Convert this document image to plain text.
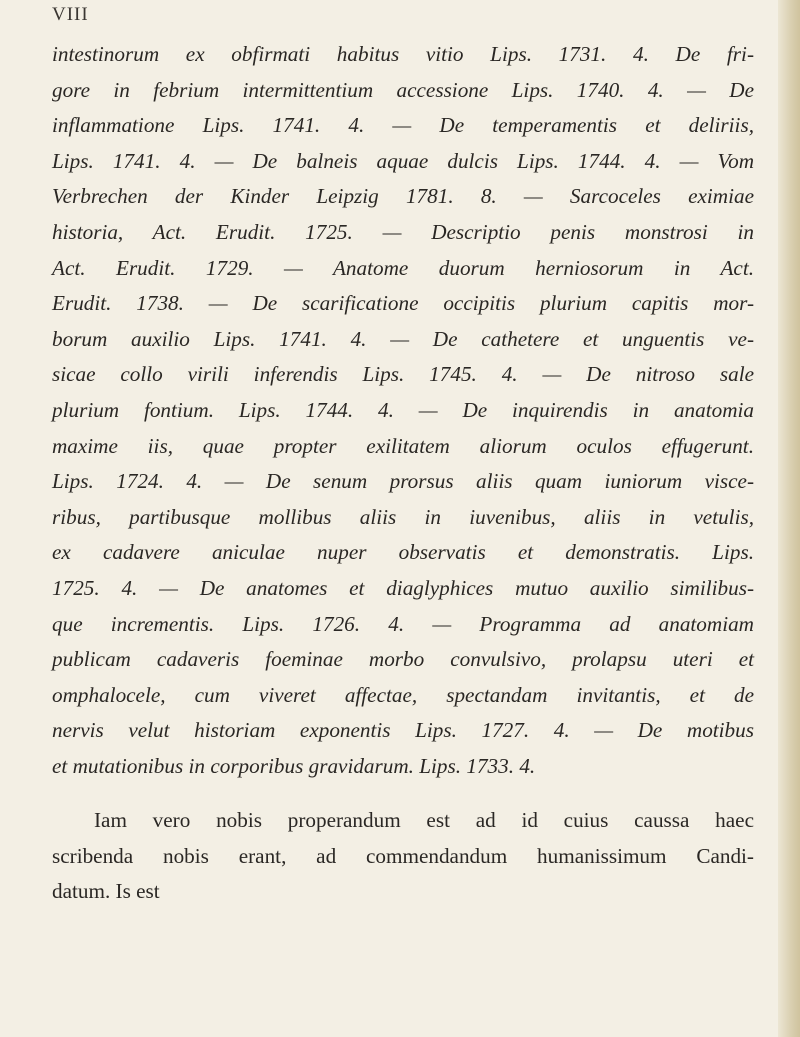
VIII
intestinorum ex obfirmati habitus vitio Lips. 1731. 4. De fri-
gore in febrium intermittentium accessione Lips. 1740. 4. — De
inflammatione Lips. 1741. 4. — De temperamentis et deliriis,
Lips. 1741. 4. — De balneis aquae dulcis Lips. 1744. 4. — Vom
Verbrechen der Kinder Leipzig 1781. 8. — Sarcoceles eximiae
historia, Act. Erudit. 1725. — Descriptio penis monstrosi in
Act. Erudit. 1729. — Anatome duorum herniosorum in Act.
Erudit. 1738. — De scarificatione occipitis plurium capitis mor-
borum auxilio Lips. 1741. 4. — De cathetere et unguentis ve-
sicae collo virili inferendis Lips. 1745. 4. — De nitroso sale
plurium fontium. Lips. 1744. 4. — De inquirendis in anatomia
maxime iis, quae propter exilitatem aliorum oculos effugerunt.
Lips. 1724. 4. — De senum prorsus aliis quam iuniorum visce-
ribus, partibusque mollibus aliis in iuvenibus, aliis in vetulis,
ex cadavere aniculae nuper observatis et demonstratis. Lips.
1725. 4. — De anatomes et diaglyphices mutuo auxilio similibus-
que incrementis. Lips. 1726. 4. — Programma ad anatomiam
publicam cadaveris foeminae morbo convulsivo, prolapsu uteri et
omphalocele, cum viveret affectae, spectandam invitantis, et de
nervis velut historiam exponentis Lips. 1727. 4. — De motibus
et mutationibus in corporibus gravidarum. Lips. 1733. 4.
Iam vero nobis properandum est ad id cuius caussa haec
scribenda nobis erant, ad commendandum humanissimum Candi-
datum. Is est
